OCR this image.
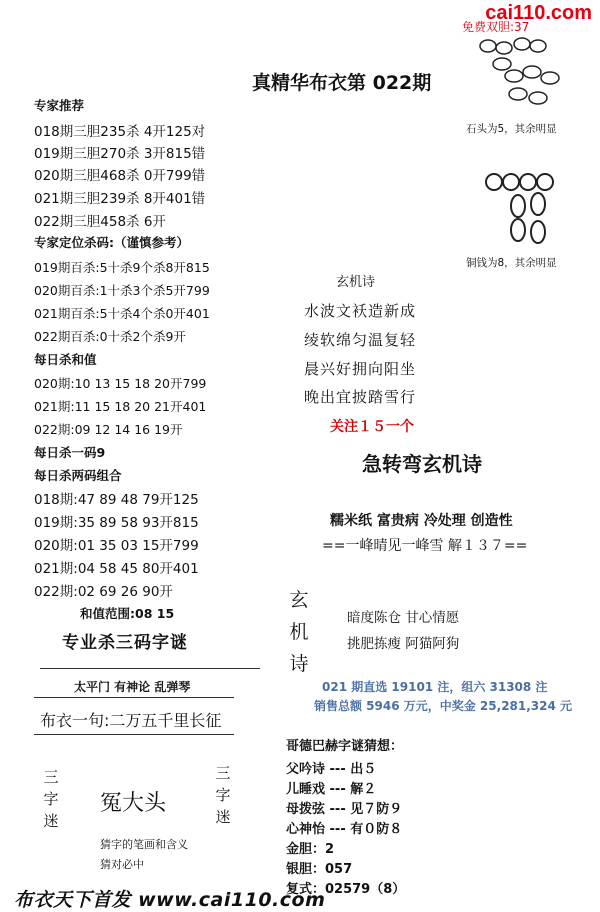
cai110.com
免费双胆:37
真精华布衣第 022期
石头为5，其余明显
铜钱为8，其余明显
专家推荐
018期三胆235杀 4开125对
019期三胆270杀 3开815错
020期三胆468杀 0开799错
021期三胆239杀 8开401错
022期三胆458杀 6开
专家定位杀码:（谨慎参考）
019期百杀:5十杀9个杀8开815
020期百杀:1十杀3个杀5开799
021期百杀:5十杀4个杀0开401
022期百杀:0十杀2个杀9开
每日杀和值
020期:10 13 15 18 20开799
021期:11 15 18 20 21开401
022期:09 12 14 16 19开
每日杀一码9
每日杀两码组合
018期:47 89 48 79开125
019期:35 89 58 93开815
020期:01 35 03 15开799
021期:04 58 45 80开401
022期:02 69 26 90开
和值范围:08 15
专业杀三码字谜
太平门 有神论 乱弹琴
布衣一句:二万五千里长征
三字迷
冤大头
三字迷
猜字的笔画和含义
猜对必中
玄机诗
水波文袄造新成
绫软绵匀温复轻
晨兴好拥向阳坐
晚出宜披踏雪行
关注１５一个
急转弯玄机诗
糯米纸 富贵病 冷处理 创造性
==一峰晴见一峰雪 解１３７==
玄机诗
暗度陈仓 甘心情愿
挑肥拣瘦 阿猫阿狗
021 期直选 19101 注，组六 31308 注
销售总额 5946 万元，中奖金 25,281,324 元
哥德巴赫字谜猜想：
父吟诗 --- 出５
儿睡戏 --- 解２
母拨弦 --- 见７防９
心神怡 --- 有０防８
金胆：2
银胆：057
复式：02579（8）
布衣天下首发 www.cai110.com
